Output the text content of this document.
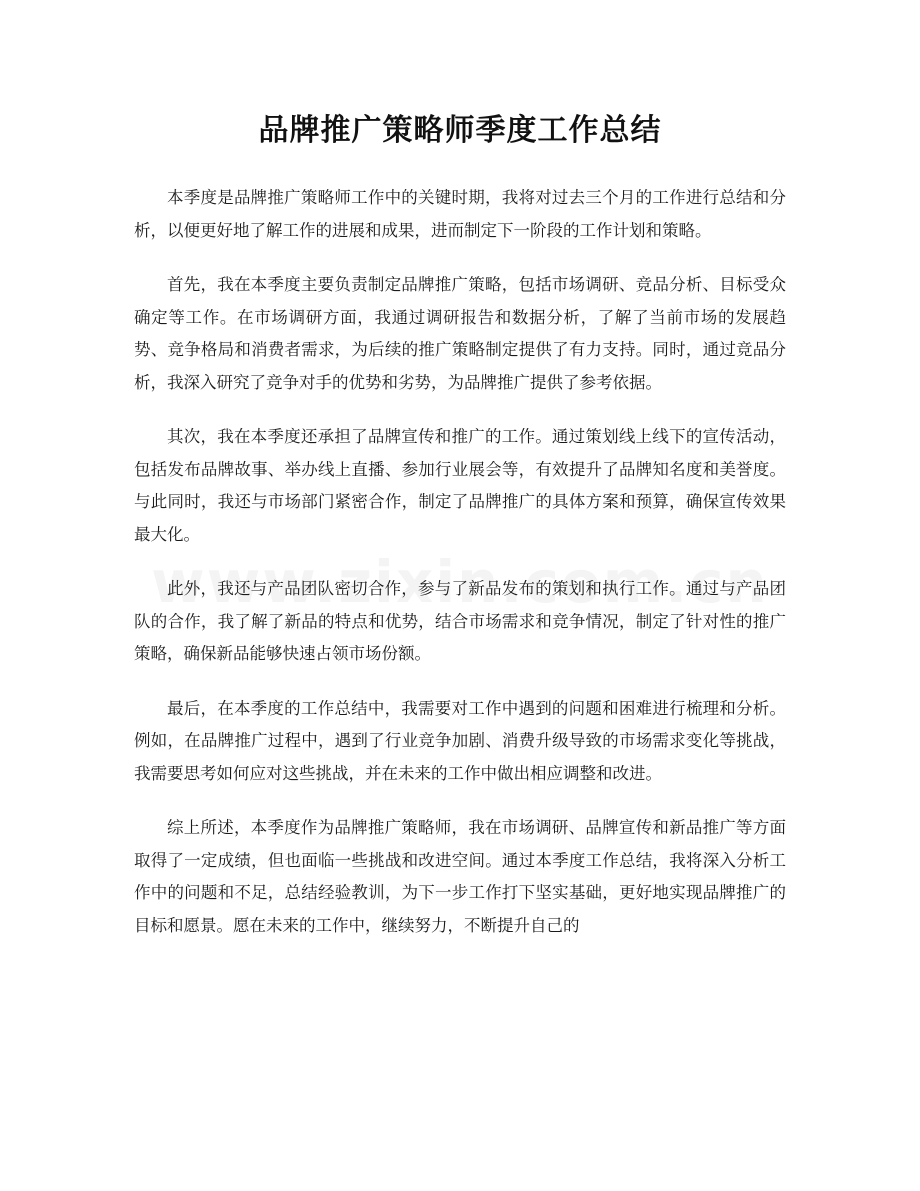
品牌推广策略师季度工作总结

本季度是品牌推广策略师工作中的关键时期，我将对过去三个月的工作进行总结和分析，以便更好地了解工作的进展和成果，进而制定下一阶段的工作计划和策略。

首先，我在本季度主要负责制定品牌推广策略，包括市场调研、竞品分析、目标受众确定等工作。在市场调研方面，我通过调研报告和数据分析，了解了当前市场的发展趋势、竞争格局和消费者需求，为后续的推广策略制定提供了有力支持。同时，通过竞品分析，我深入研究了竞争对手的优势和劣势，为品牌推广提供了参考依据。

其次，我在本季度还承担了品牌宣传和推广的工作。通过策划线上线下的宣传活动，包括发布品牌故事、举办线上直播、参加行业展会等，有效提升了品牌知名度和美誉度。与此同时，我还与市场部门紧密合作，制定了品牌推广的具体方案和预算，确保宣传效果最大化。

此外，我还与产品团队密切合作，参与了新品发布的策划和执行工作。通过与产品团队的合作，我了解了新品的特点和优势，结合市场需求和竞争情况，制定了针对性的推广策略，确保新品能够快速占领市场份额。

最后，在本季度的工作总结中，我需要对工作中遇到的问题和困难进行梳理和分析。例如，在品牌推广过程中，遇到了行业竞争加剧、消费升级导致的市场需求变化等挑战，我需要思考如何应对这些挑战，并在未来的工作中做出相应调整和改进。

综上所述，本季度作为品牌推广策略师，我在市场调研、品牌宣传和新品推广等方面取得了一定成绩，但也面临一些挑战和改进空间。通过本季度工作总结，我将深入分析工作中的问题和不足，总结经验教训，为下一步工作打下坚实基础，更好地实现品牌推广的目标和愿景。愿在未来的工作中，继续努力，不断提升自己的
